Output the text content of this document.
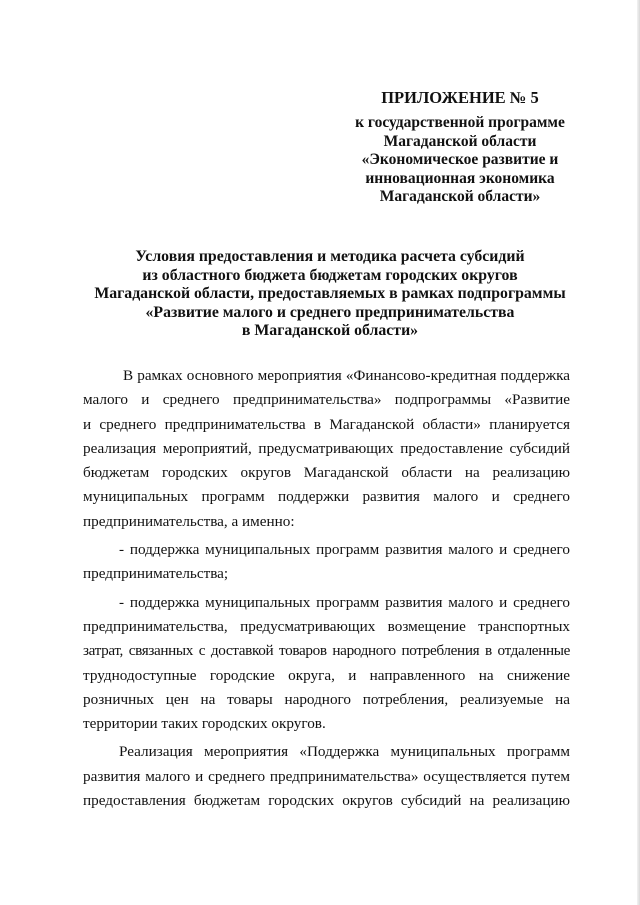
ПРИЛОЖЕНИЕ № 5
к государственной программе
Магаданской области
«Экономическое развитие и
инновационная экономика
Магаданской области»
Условия предоставления и методика расчета субсидий
из областного бюджета бюджетам городских округов
Магаданской области, предоставляемых в рамках подпрограммы
«Развитие малого и среднего предпринимательства
в Магаданской области»
В рамках основного мероприятия «Финансово-кредитная поддержка
малого и среднего предпринимательства» подпрограммы «Развитие
и среднего предпринимательства в Магаданской области» планируется
реализация мероприятий, предусматривающих предоставление субсидий
бюджетам городских округов Магаданской области на реализацию
муниципальных программ поддержки развития малого и среднего
предпринимательства, а именно:
- поддержка муниципальных программ развития малого и среднего
предпринимательства;
- поддержка муниципальных программ развития малого и среднего
предпринимательства, предусматривающих возмещение транспортных
затрат, связанных с доставкой товаров народного потребления в отдаленные
труднодоступные городские округа, и направленного на снижение
розничных цен на товары народного потребления, реализуемые на
территории таких городских округов.
Реализация мероприятия «Поддержка муниципальных программ
развития малого и среднего предпринимательства» осуществляется путем
предоставления бюджетам городских округов субсидий на реализацию
